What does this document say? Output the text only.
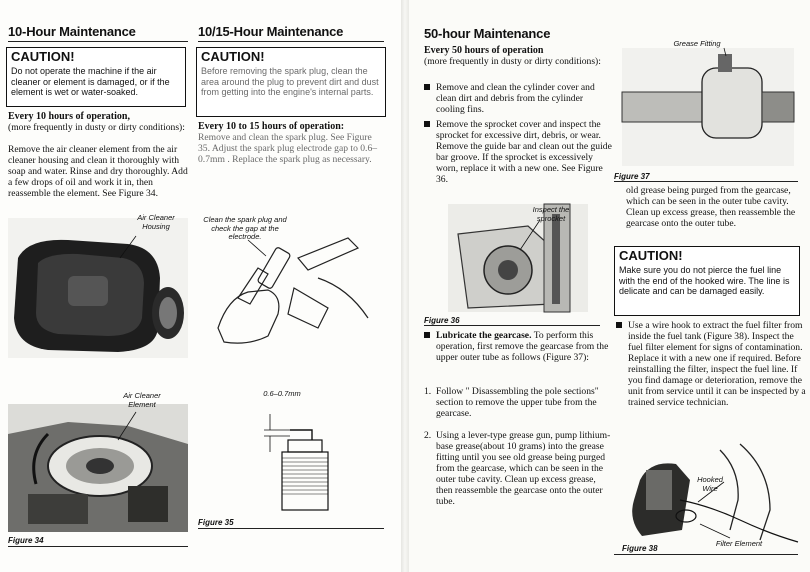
10-Hour Maintenance
CAUTION!
Do not operate the machine if the air cleaner or element is damaged, or if the element is wet or water-soaked.
Every 10 hours of operation,
(more frequently in dusty or dirty conditions):
Remove the air cleaner element from the air cleaner housing and clean it thoroughly with soap and water. Rinse and dry thoroughly. Add a few drops of oil and work it in, then reassemble the element. See Figure 34.
Air Cleaner Housing
Air Cleaner Element
Figure 34
10/15-Hour Maintenance
CAUTION!
Before removing the spark plug, clean the area around the plug to prevent dirt and dust from getting into the engine's internal parts.
Every 10 to 15 hours of operation:
Remove and clean the spark plug. See Figure 35. Adjust the spark plug electrode gap to 0.6–0.7mm . Replace the spark plug as necessary.
Clean the spark plug and check the gap at the electrode.
0.6–0.7mm
Figure 35
50-hour Maintenance
Every 50 hours of operation
(more frequently in dusty or dirty conditions):
Remove and clean the cylinder cover and clean dirt and debris from the cylinder cooling fins.
Remove the sprocket cover and inspect the sprocket for excessive dirt, debris, or wear. Remove the guide bar and clean out the guide bar groove. If the sprocket is excessively worn, replace it with a new one. See Figure 36.
Inspect the sprocket
Figure 36
Lubricate the gearcase. To perform this operation, first remove the gearcase from the upper outer tube as follows (Figure 37):
1. Follow " Disassembling the pole sections" section to remove the upper tube from the gearcase.
2. Using a lever-type grease gun, pump lithium-base grease(about 10 grams) into the grease fitting until you see old grease being purged from the gearcase, which can be seen in the outer tube cavity. Clean up excess grease, then reassemble the gearcase onto the outer tube.
Grease Fitting
Figure 37
old grease being purged from the gearcase, which can be seen in the outer tube cavity. Clean up excess grease, then reassemble the gearcase onto the outer tube.
CAUTION!
Make sure you do not pierce the fuel line with the end of the hooked wire. The line is delicate and can be damaged easily.
Use a wire hook to extract the fuel filter from inside the fuel tank (Figure 38). Inspect the fuel filter element for signs of contamination. Replace it with a new one if required. Before reinstalling the filter, inspect the fuel line. If you find damage or deterioration, remove the unit from service until it can be inspected by a trained service technician.
Hooked Wire
Filter Element
Figure 38
